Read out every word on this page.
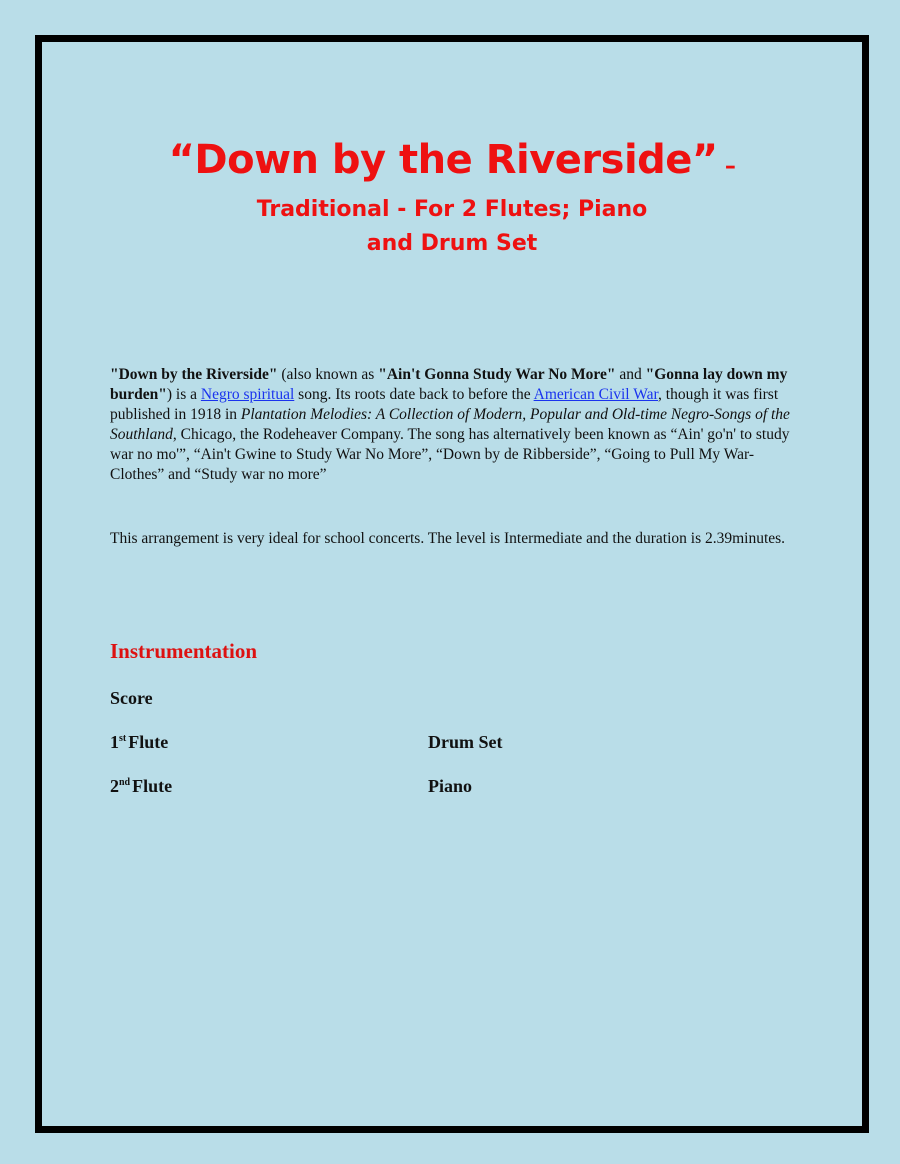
“Down by the Riverside” –
Traditional - For 2 Flutes; Piano
and Drum Set
"Down by the Riverside" (also known as "Ain't Gonna Study War No More" and "Gonna lay down my burden") is a Negro spiritual song. Its roots date back to before the American Civil War, though it was first published in 1918 in Plantation Melodies: A Collection of Modern, Popular and Old-time Negro-Songs of the Southland, Chicago, the Rodeheaver Company. The song has alternatively been known as “Ain' go'n' to study war no mo'”, “Ain't Gwine to Study War No More”, “Down by de Ribberside”, “Going to Pull My War-Clothes” and “Study war no more”
This arrangement is very ideal for school concerts. The level is Intermediate and the duration is 2.39minutes.
Instrumentation
Score
1st Flute
2nd Flute
Drum Set
Piano
